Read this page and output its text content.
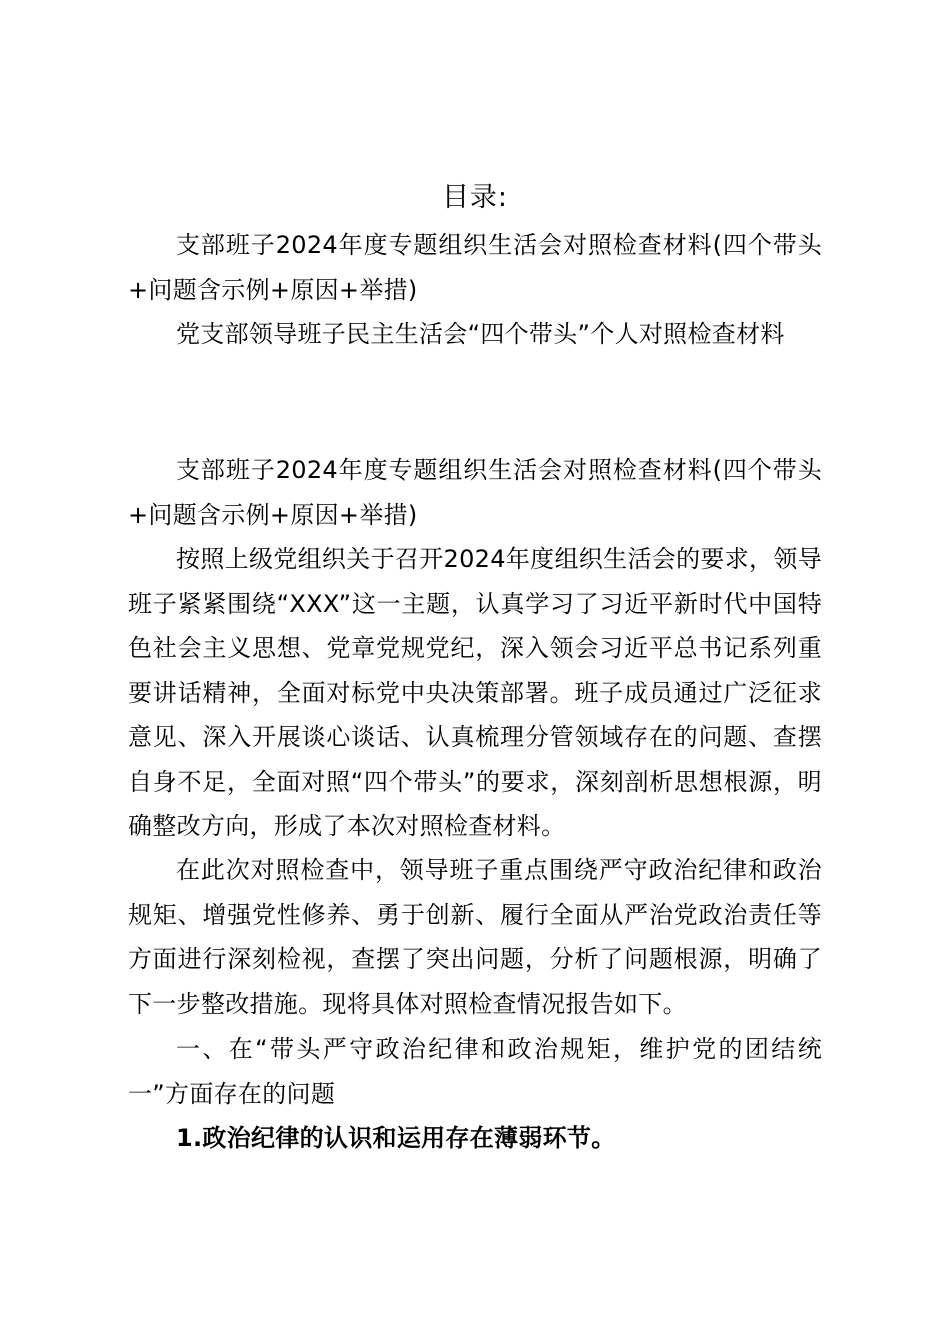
目录:

支部班子2024年度专题组织生活会对照检查材料(四个带头+问题含示例+原因+举措)

党支部领导班子民主生活会“四个带头”个人对照检查材料

支部班子2024年度专题组织生活会对照检查材料(四个带头+问题含示例+原因+举措)

按照上级党组织关于召开2024年度组织生活会的要求，领导班子紧紧围绕“XXX”这一主题，认真学习了习近平新时代中国特色社会主义思想、党章党规党纪，深入领会习近平总书记系列重要讲话精神，全面对标党中央决策部署。班子成员通过广泛征求意见、深入开展谈心谈话、认真梳理分管领域存在的问题、查摆自身不足，全面对照“四个带头”的要求，深刻剖析思想根源，明确整改方向，形成了本次对照检查材料。

在此次对照检查中，领导班子重点围绕严守政治纪律和政治规矩、增强党性修养、勇于创新、履行全面从严治党政治责任等方面进行深刻检视，查摆了突出问题，分析了问题根源，明确了下一步整改措施。现将具体对照检查情况报告如下。

一、在“带头严守政治纪律和政治规矩，维护党的团结统一”方面存在的问题

1.政治纪律的认识和运用存在薄弱环节。
